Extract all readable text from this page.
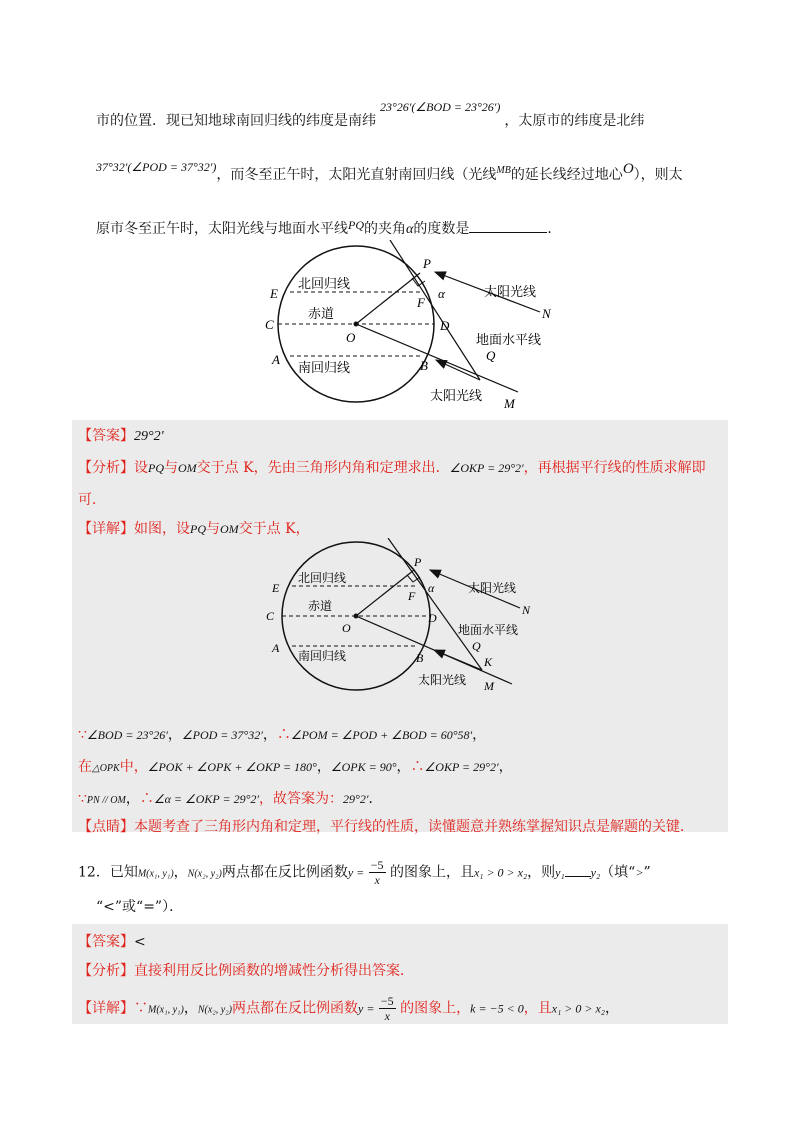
市的位置．现已知地球南回归线的纬度是南纬23°26′(∠BOD = 23°26′)，太原市的纬度是北纬
37°32′(∠POD = 37°32′)，而冬至正午时，太阳光直射南回归线（光线$^{MB}$的延长线经过地心O），则太
原市冬至正午时，太阳光线与地面水平线PQ的夹角α的度数是	．
北回归线
赤道
南回归线
太阳光线
地面水平线
太阳光线
P
F
α
N
E
C	D
O
Q
A	B
M
【答案】29°2′
【分析】设PQ与OM交于点 K，先由三角形内角和定理求出．∠OKP = 29°2′，再根据平行线的性质求解即
可．
【详解】如图，设PQ与OM交于点 K，
北回归线
赤道
南回归线
太阳光线
地面水平线
太阳光线
P
F
α
N
E
C	D
O
Q
K
A
B
M
∵∠BOD = 23°26′，∠POD = 37°32′，∴∠POM = ∠POD + ∠BOD = 60°58′，
在△OPK中，∠POK + ∠OPK + ∠OKP = 180°，∠OPK = 90°，∴∠OKP = 29°2′，
∵PN // OM，∴∠α = ∠OKP = 29°2′，故答案为：29°2′．
【点睛】本题考查了三角形内角和定理，平行线的性质，读懂题意并熟练掌握知识点是解题的关键．
12．已知M(x₁, y₁)，N(x₂, y₂)两点都在反比例函数$y = \frac{-5}{x}$ 的图象上，且x₁ > 0 > x₂，则y₁ y₂（填“>”
“<”或“=”）．
【答案】<
【分析】直接利用反比例函数的增减性分析得出答案．
【详解】∵M(x₁, y₁)，N(x₂, y₂)两点都在反比例函数$y = \frac{-5}{x}$ 的图象上，k = −5 < 0，且x₁ > 0 > x₂，
